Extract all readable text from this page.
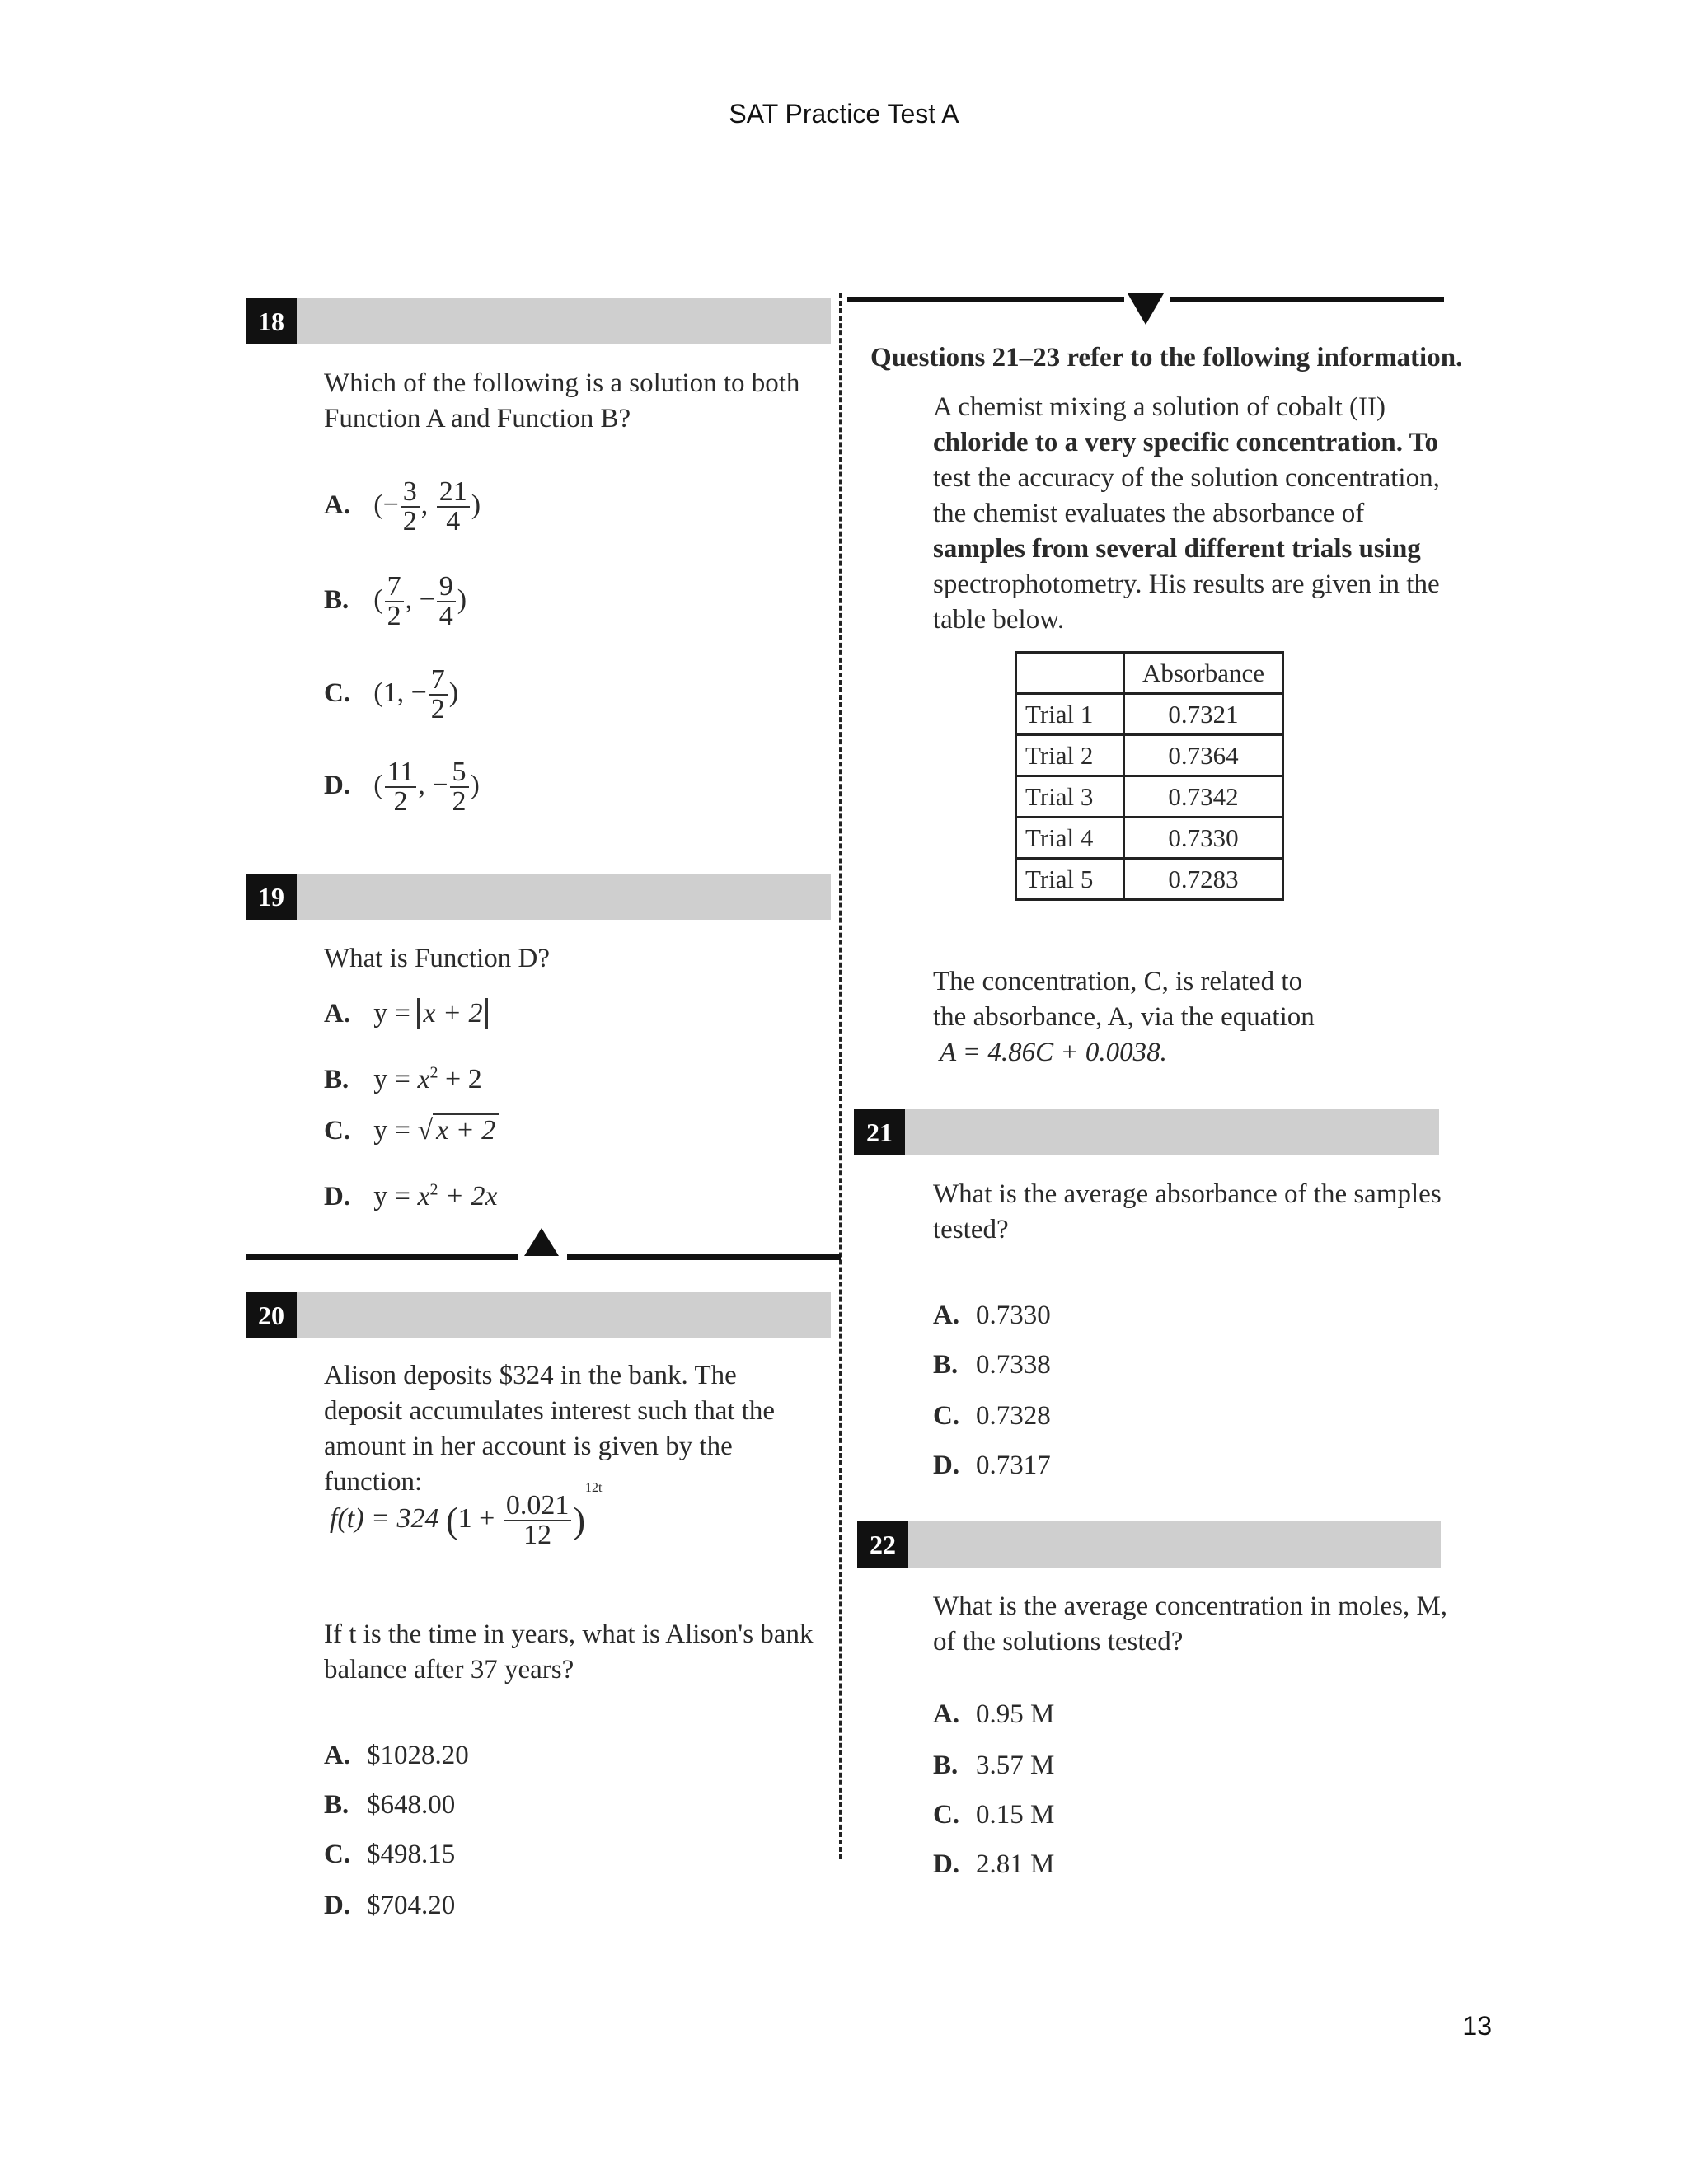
SAT Practice Test A
18
Which of the following is a solution to both Function A and Function B?
A. (− $\frac{3}{2}$ , $\frac{21}{4}$ )
B. ( $\frac{7}{2}$ , − $\frac{9}{4}$ )
C. (1, − $\frac{7}{2}$ )
D. ( $\frac{11}{2}$ , − $\frac{5}{2}$ )
19
What is Function D?
A. y = x + 2
B. $y = x^2 + 2$
C. y = √ x + 2
D. $y = x^2 + 2x$
20
Alison deposits $324 in the bank. The deposit accumulates interest such that the amount in her account is given by the function:
f(t) = 324 $(1 + \frac{0.021}{12} )^{12t}$
If t is the time in years, what is Alison's bank balance after 37 years?
A. $1028.20
B. $648.00
C. $498.15
D. $704.20
Questions 21–23 refer to the following information.
A chemist mixing a solution of cobalt (II)
chloride to a very specific concentration. To
test the accuracy of the solution concentration,
the chemist evaluates the absorbance of
samples from several different trials using
spectrophotometry. His results are given in the
table below.
	Absorbance
Trial 1	0.7321
Trial 2	0.7364
Trial 3	0.7342
Trial 4	0.7330
Trial 5	0.7283
The concentration, C, is related to
the absorbance, A, via the equation
A = 4.86C + 0.0038.
21
What is the average absorbance of the samples tested?
A. 0.7330
B. 0.7338
C. 0.7328
D. 0.7317
22
What is the average concentration in moles, M, of the solutions tested?
A. 0.95 M
B. 3.57 M
C. 0.15 M
D. 2.81 M
13
